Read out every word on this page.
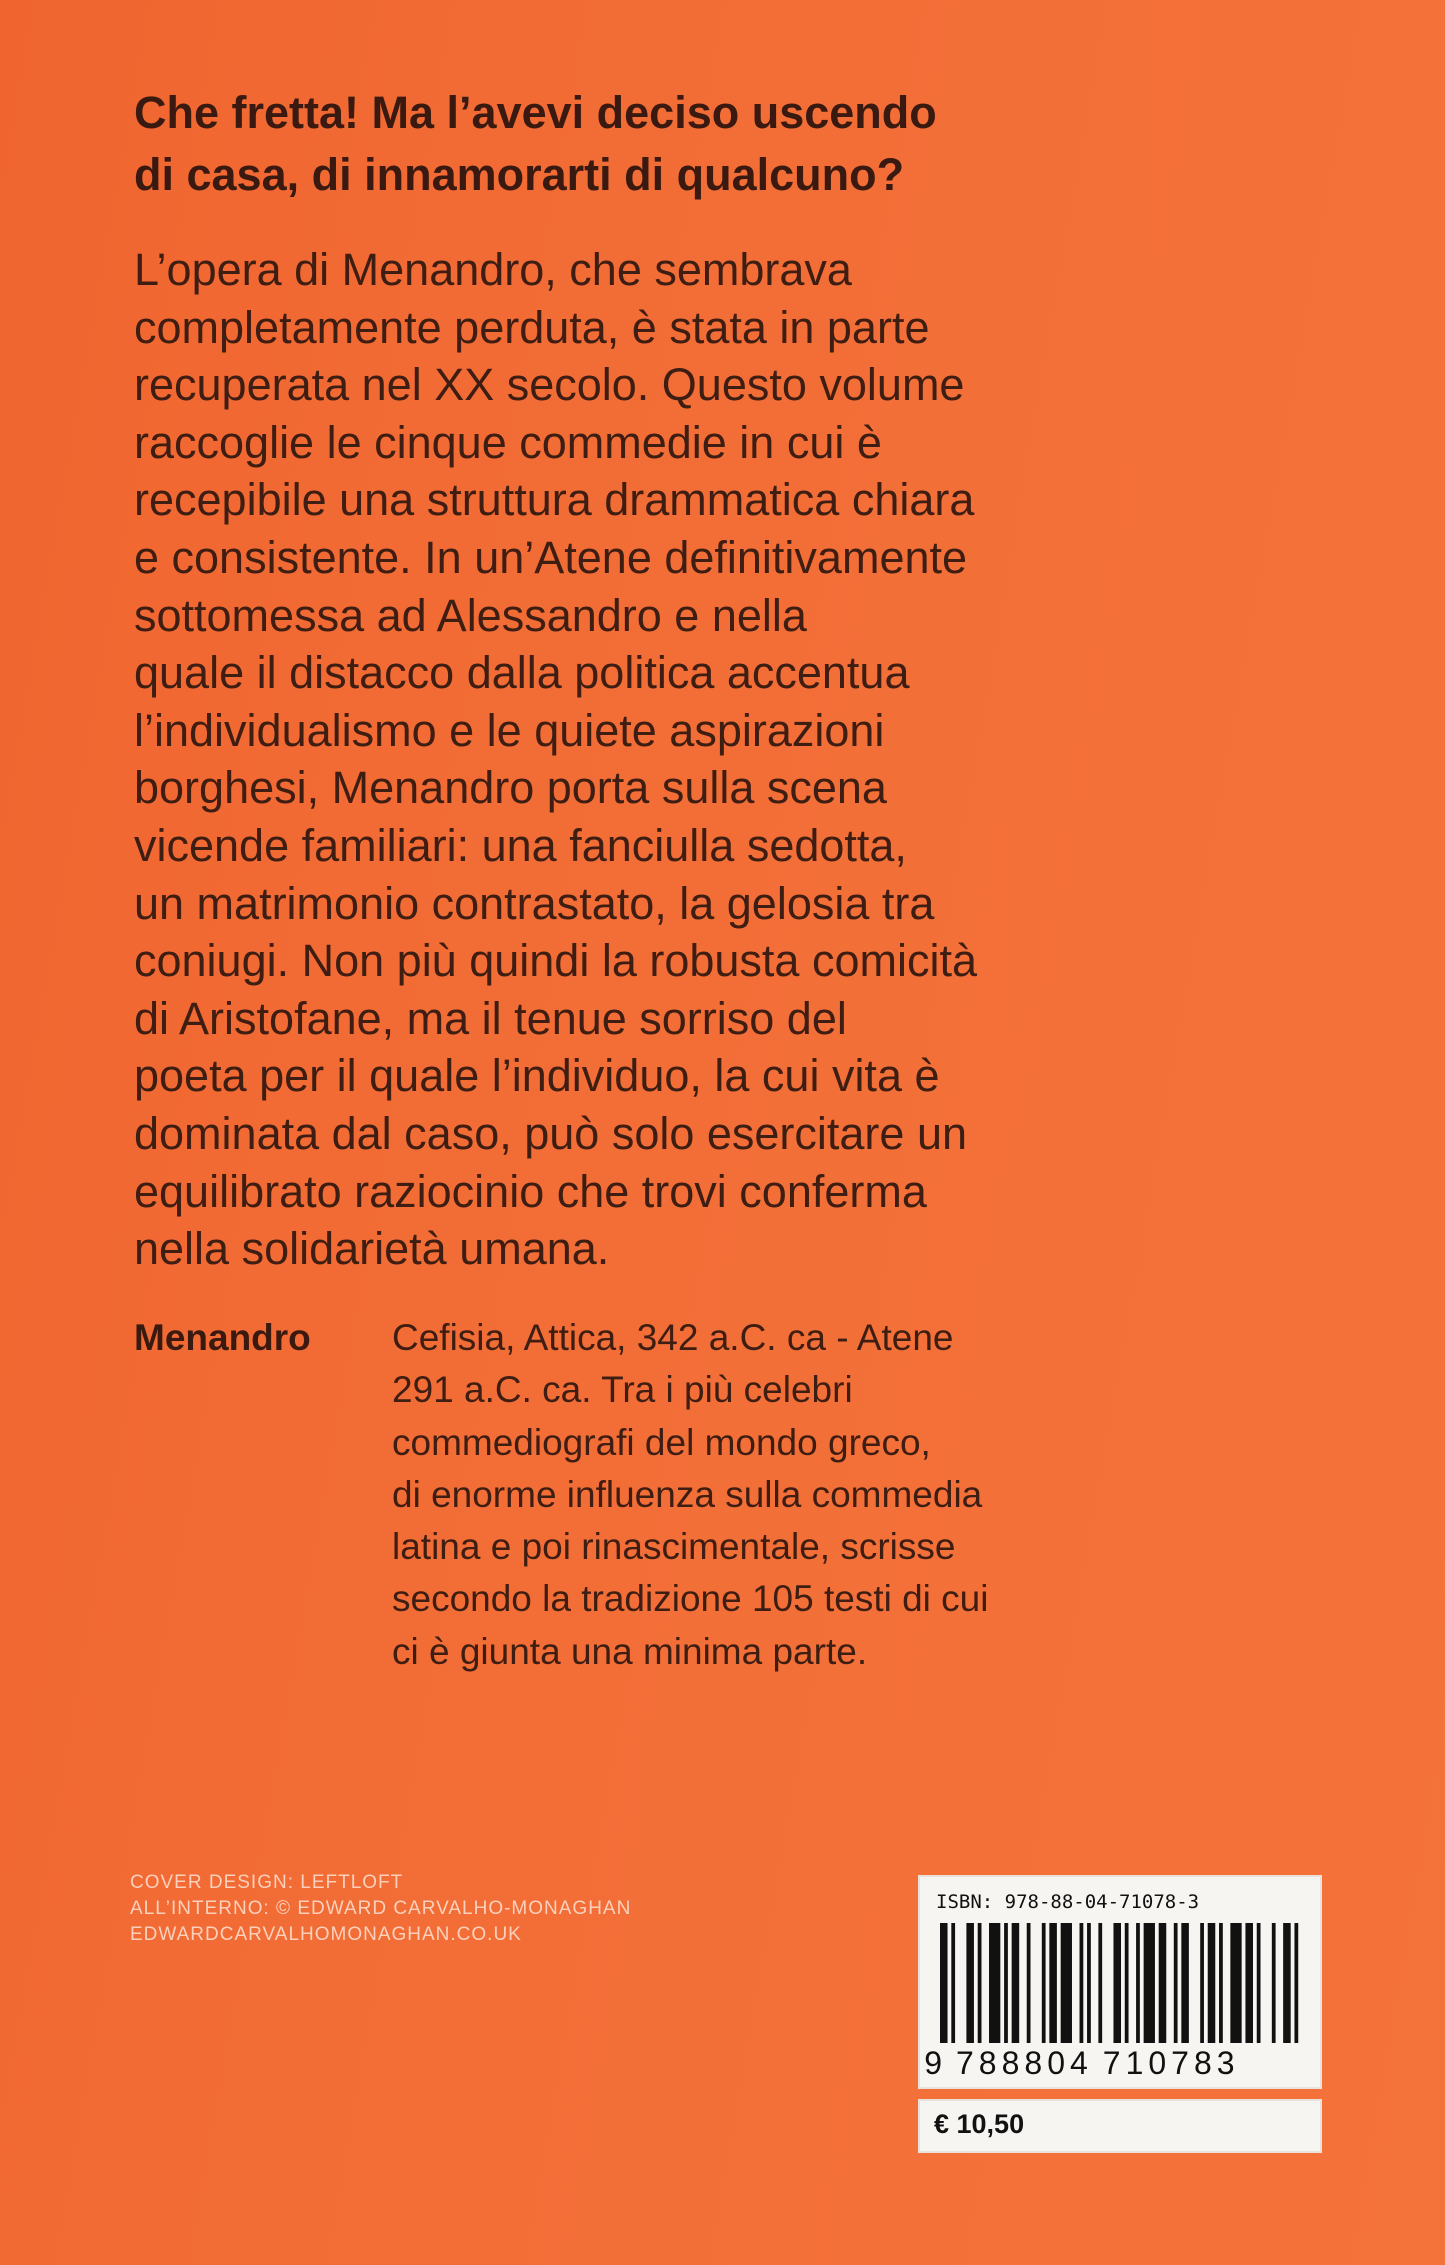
Che fretta! Ma l’avevi deciso uscendo
di casa, di innamorarti di qualcuno?
L’opera di Menandro, che sembrava
completamente perduta, è stata in parte
recuperata nel XX secolo. Questo volume
raccoglie le cinque commedie in cui è
recepibile una struttura drammatica chiara
e consistente. In un’Atene definitivamente
sottomessa ad Alessandro e nella
quale il distacco dalla politica accentua
l’individualismo e le quiete aspirazioni
borghesi, Menandro porta sulla scena
vicende familiari: una fanciulla sedotta,
un matrimonio contrastato, la gelosia tra
coniugi. Non più quindi la robusta comicità
di Aristofane, ma il tenue sorriso del
poeta per il quale l’individuo, la cui vita è
dominata dal caso, può solo esercitare un
equilibrato raziocinio che trovi conferma
nella solidarietà umana.
Menandro Cefisia, Attica, 342 a.C. ca - Atene
291 a.C. ca. Tra i più celebri
commediografi del mondo greco,
di enorme influenza sulla commedia
latina e poi rinascimentale, scrisse
secondo la tradizione 105 testi di cui
ci è giunta una minima parte.
COVER DESIGN: LEFTLOFT
ALL’INTERNO: © EDWARD CARVALHO-MONAGHAN
EDWARDCARVALHOMONAGHAN.CO.UK
ISBN: 978-88-04-71078-3
9 788804 710783
€ 10,50
